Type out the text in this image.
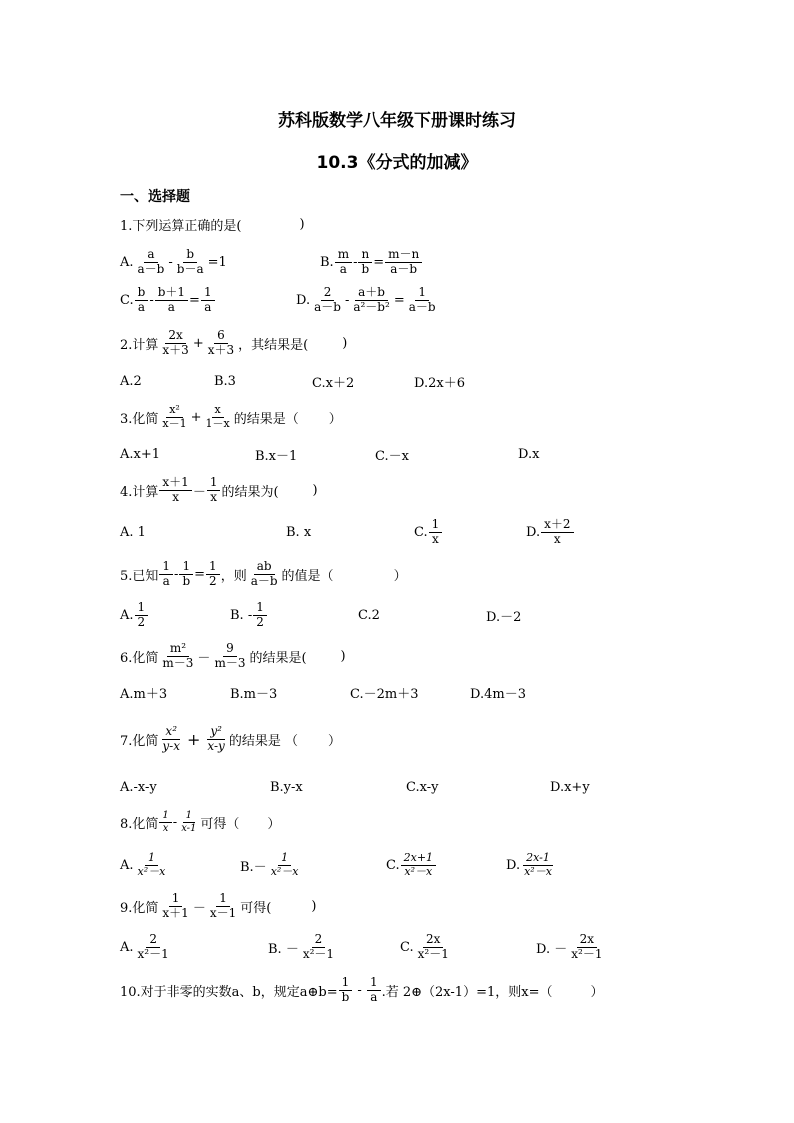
苏科版数学八年级下册课时练习
10.3《分式的加减》
一、选择题
1.下列运算正确的是(	)
A. $\frac{a}{a-b} - \frac{b}{b-a} =1$	B. $\frac{m}{a} - \frac{n}{b} = \frac{m-n}{a-b}$
C. $\frac{b}{a} - \frac{b+1}{a} = \frac{1}{a}$	D. $\frac{2}{a-b} - \frac{a+b}{\text{a²－b²}} = \frac{1}{a-b}$
2.计算 $\frac{2x}{x+3} + \frac{6}{x+3}$ ，其结果是(	)
A.2	B.3	C.x＋2	D.2x＋6
3.化简 $\frac{\text{x²}}{x-1} + \frac{x}{1-x}$ 的结果是（ ）
A.x+1	B.x－1	C.－x	D.x
4.计算 $\frac{x+1}{x} - \frac{1}{x}$ 的结果为(	)
A. 1	B. x	C. $\frac{1}{x}$	D. $\frac{x+2}{x}$
5.已知 $\frac{1}{a} - \frac{1}{b} = \frac{1}{2}$ ，则 $\frac{ab}{a-b}$ 的值是（	）
A. $\frac{1}{2}$	B. - $\frac{1}{2}$	C.2	D.－2
6.化简 $\frac{\text{m²}}{m-3} - \frac{9}{m-3}$ 的结果是(	)
A.m＋3	B.m－3	C.－2m＋3	D.4m－3
7.化简 $\frac{\text{x²}}{y-x} + \frac{\text{y²}}{x-y}$ 的结果是 （ ）
A.-x-y	B.y-x	C.x-y	D.x+y
8.化简 $\frac{1}{x} - \frac{1}{x-1}$ 可得（ ）
A. $\frac{1}{\text{x²－x}}$	$B.- \frac{1}{\text{x²－x}}$	C. $\frac{2x+1}{\text{x²－x}}$	D. $\frac{2x-1}{\text{x²－x}}$
9.化简 $\frac{1}{x+1} - \frac{1}{x-1}$ 可得(	)
A. $\frac{2}{\text{x²－1}}$	B. － $\frac{2}{\text{x²－1}}$	C. $\frac{2x}{\text{x²－1}}$	D. － $\frac{2x}{\text{x²－1}}$
10.对于非零的实数a、b，规定a⊕b= $\frac{1}{b} - \frac{1}{a}$ .若 2⊕（2x-1）=1，则x=（	）
